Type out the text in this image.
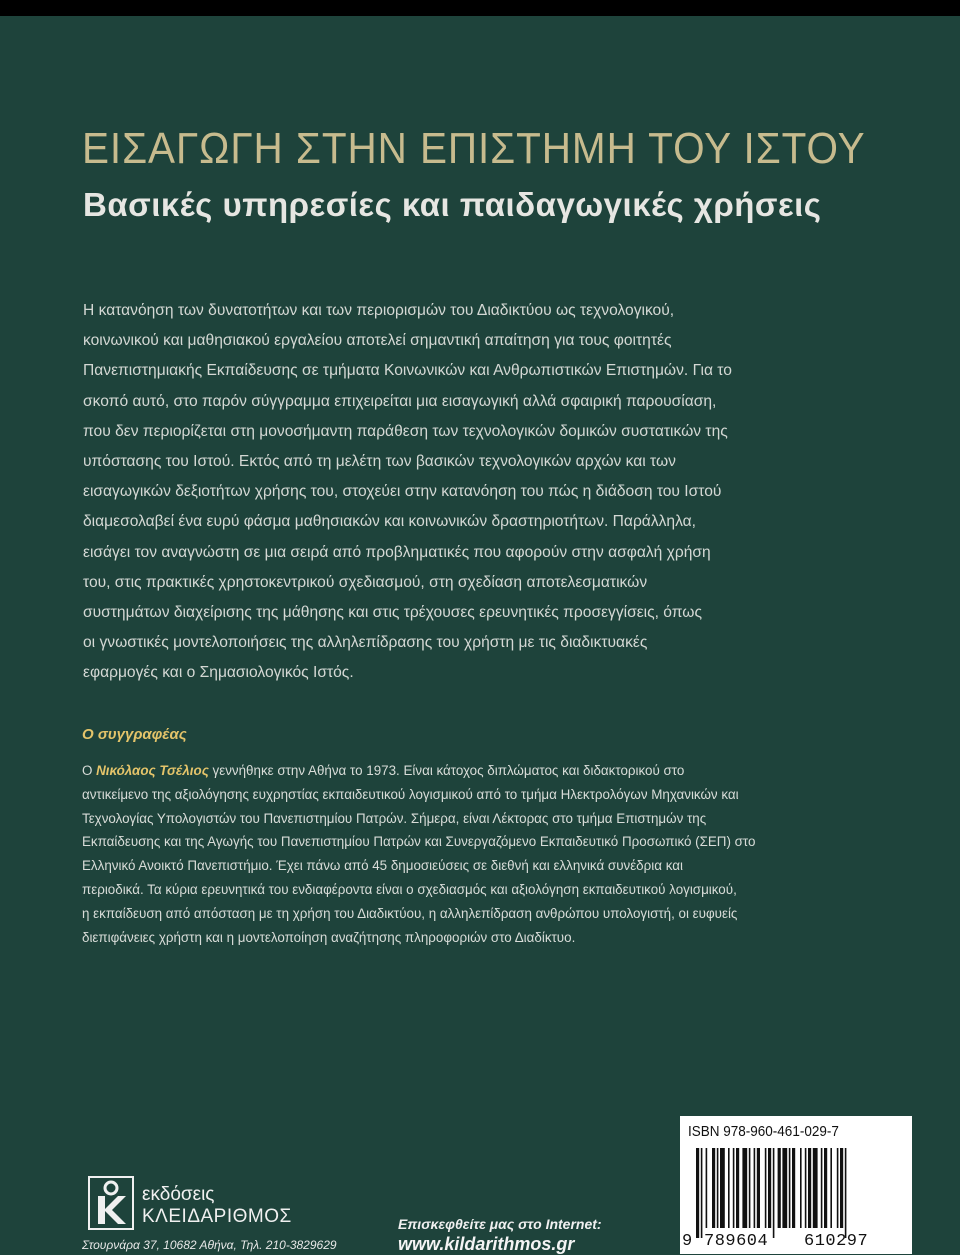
ΕΙΣΑΓΩΓΗ ΣΤΗΝ ΕΠΙΣΤΗΜΗ ΤΟΥ ΙΣΤΟΥ
Βασικές υπηρεσίες και παιδαγωγικές χρήσεις

Η κατανόηση των δυνατοτήτων και των περιορισμών του Διαδικτύου ως τεχνολογικού,
κοινωνικού και μαθησιακού εργαλείου αποτελεί σημαντική απαίτηση για τους φοιτητές
Πανεπιστημιακής Εκπαίδευσης σε τμήματα Κοινωνικών και Ανθρωπιστικών Επιστημών. Για το
σκοπό αυτό, στο παρόν σύγγραμμα επιχειρείται μια εισαγωγική αλλά σφαιρική παρουσίαση,
που δεν περιορίζεται στη μονοσήμαντη παράθεση των τεχνολογικών δομικών συστατικών της
υπόστασης του Ιστού. Εκτός από τη μελέτη των βασικών τεχνολογικών αρχών και των
εισαγωγικών δεξιοτήτων χρήσης του, στοχεύει στην κατανόηση του πώς η διάδοση του Ιστού
διαμεσολαβεί ένα ευρύ φάσμα μαθησιακών και κοινωνικών δραστηριοτήτων. Παράλληλα,
εισάγει τον αναγνώστη σε μια σειρά από προβληματικές που αφορούν στην ασφαλή χρήση
του, στις πρακτικές χρηστοκεντρικού σχεδιασμού, στη σχεδίαση αποτελεσματικών
συστημάτων διαχείρισης της μάθησης και στις τρέχουσες ερευνητικές προσεγγίσεις, όπως
οι γνωστικές μοντελοποιήσεις της αλληλεπίδρασης του χρήστη με τις διαδικτυακές
εφαρμογές και ο Σημασιολογικός Ιστός.

Ο συγγραφέας

Ο Νικόλαος Τσέλιος γεννήθηκε στην Αθήνα το 1973. Είναι κάτοχος διπλώματος και διδακτορικού στο
αντικείμενο της αξιολόγησης ευχρηστίας εκπαιδευτικού λογισμικού από το τμήμα Ηλεκτρολόγων Μηχανικών και
Τεχνολογίας Υπολογιστών του Πανεπιστημίου Πατρών. Σήμερα, είναι Λέκτορας στο τμήμα Επιστημών της
Εκπαίδευσης και της Αγωγής του Πανεπιστημίου Πατρών και Συνεργαζόμενο Εκπαιδευτικό Προσωπικό (ΣΕΠ) στο
Ελληνικό Ανοικτό Πανεπιστήμιο. Έχει πάνω από 45 δημοσιεύσεις σε διεθνή και ελληνικά συνέδρια και
περιοδικά. Τα κύρια ερευνητικά του ενδιαφέροντα είναι ο σχεδιασμός και αξιολόγηση εκπαιδευτικού λογισμικού,
η εκπαίδευση από απόσταση με τη χρήση του Διαδικτύου, η αλληλεπίδραση ανθρώπου υπολογιστή, οι ευφυείς
διεπιφάνειες χρήστη και η μοντελοποίηση αναζήτησης πληροφοριών στο Διαδίκτυο.

εκδόσεις

ΚΛΕΙΔΑΡΙΘΜΟΣ

Στουρνάρα 37, 10682 Αθήνα, Τηλ. 210-3829629

Επισκεφθείτε μας στο Internet:

www.kildarithmos.gr

ISBN 978-960-461-029-7

9 789604 610297
